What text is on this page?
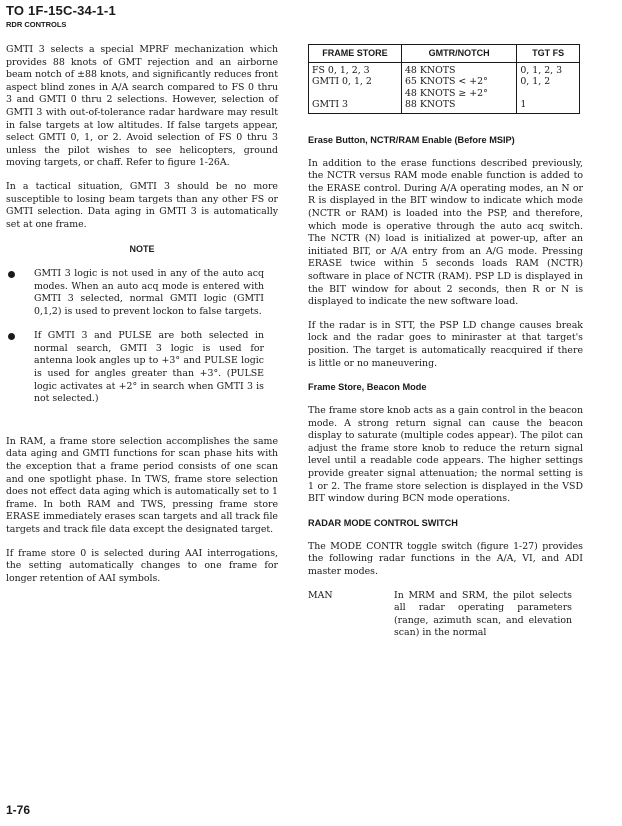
TO 1F-15C-34-1-1
RDR CONTROLS

GMTI 3 selects a special MPRF mechanization which provides 88 knots of GMT rejection and an airborne beam notch of ±88 knots, and significantly reduces front aspect blind zones in A/A search compared to FS 0 thru 3 and GMTI 0 thru 2 selections. However, selection of GMTI 3 with out-of-tolerance radar hardware may result in false targets at low altitudes. If false targets appear, select GMTI 0, 1, or 2. Avoid selection of FS 0 thru 3 unless the pilot wishes to see helicopters, ground moving targets, or chaff. Refer to figure 1-26A.

In a tactical situation, GMTI 3 should be no more susceptible to losing beam targets than any other FS or GMTI selection. Data aging in GMTI 3 is automatically set at one frame.

NOTE
GMTI 3 logic is not used in any of the auto acq modes. When an auto acq mode is entered with GMTI 3 selected, normal GMTI logic (GMTI 0,1,2) is used to prevent lockon to false targets.
If GMTI 3 and PULSE are both selected in normal search, GMTI 3 logic is used for antenna look angles up to +3° and PULSE logic is used for angles greater than +3°. (PULSE logic activates at +2° in search when GMTI 3 is not selected.)

In RAM, a frame store selection accomplishes the same data aging and GMTI functions for scan phase hits with the exception that a frame period consists of one scan and one spotlight phase. In TWS, frame store selection does not effect data aging which is automatically set to 1 frame. In both RAM and TWS, pressing frame store ERASE immediately erases scan targets and all track file targets and track file data except the designated target.

If frame store 0 is selected during AAI interrogations, the setting automatically changes to one frame for longer retention of AAI symbols.

FRAME STORE	GMTR/NOTCH	TGT FS
FS 0, 1, 2, 3	48 KNOTS	0, 1, 2, 3
GMTI 0, 1, 2	65 KNOTS < +2°	0, 1, 2
	48 KNOTS ≥ +2°	
GMTI 3	88 KNOTS	1
Erase Button, NCTR/RAM Enable (Before MSIP)

In addition to the erase functions described previously, the NCTR versus RAM mode enable function is added to the ERASE control. During A/A operating modes, an N or R is displayed in the BIT window to indicate which mode (NCTR or RAM) is loaded into the PSP, and therefore, which mode is operative through the auto acq switch. The NCTR (N) load is initialized at power-up, after an initiated BIT, or A/A entry from an A/G mode. Pressing ERASE twice within 5 seconds loads RAM (NCTR) software in place of NCTR (RAM). PSP LD is displayed in the BIT window for about 2 seconds, then R or N is displayed to indicate the new software load.

If the radar is in STT, the PSP LD change causes break lock and the radar goes to miniraster at that target's position. The target is automatically reacquired if there is little or no maneuvering.

Frame Store, Beacon Mode

The frame store knob acts as a gain control in the beacon mode. A strong return signal can cause the beacon display to saturate (multiple codes appear). The pilot can adjust the frame store knob to reduce the return signal level until a readable code appears. The higher settings provide greater signal attenuation; the normal setting is 1 or 2. The frame store selection is displayed in the VSD BIT window during BCN mode operations.

RADAR MODE CONTROL SWITCH

The MODE CONTR toggle switch (figure 1-27) provides the following radar functions in the A/A, VI, and ADI master modes.

MAN	In MRM and SRM, the pilot selects all radar operating parameters (range, azimuth scan, and elevation scan) in the normal
1-76
